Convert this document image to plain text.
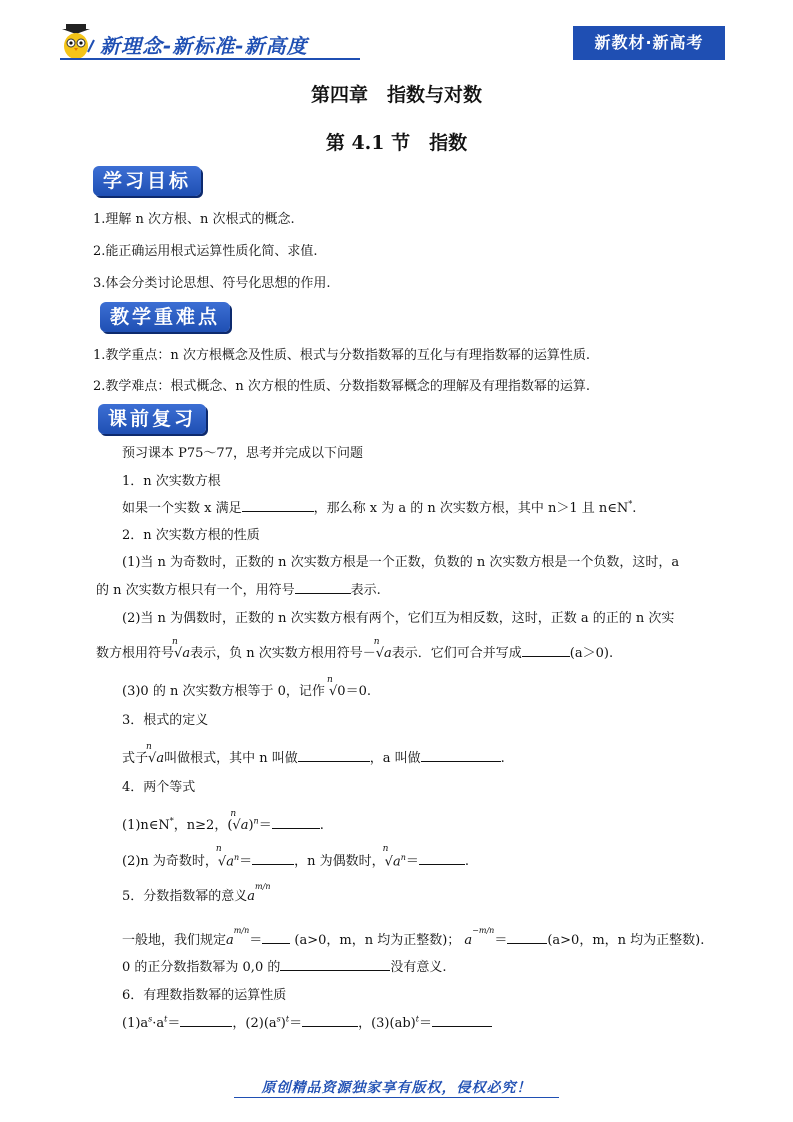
新理念-新标准-新高度	新教材·新高考
第四章　指数与对数
第 4.1 节　指数
学习目标
1.理解 n 次方根、n 次根式的概念.
2.能正确运用根式运算性质化简、求值.
3.体会分类讨论思想、符号化思想的作用.
教学重难点
1.教学重点：n 次方根概念及性质、根式与分数指数幂的互化与有理指数幂的运算性质.
2.教学难点：根式概念、n 次方根的性质、分数指数幂概念的理解及有理指数幂的运算.
课前复习
预习课本 P75～77，思考并完成以下问题
1．n 次实数方根
如果一个实数 x 满足	，那么称 x 为 a 的 n 次实数方根，其中 n＞1 且 n∈N*.
2．n 次实数方根的性质
(1)当 n 为奇数时，正数的 n 次实数方根是一个正数，负数的 n 次实数方根是一个负数，这时，a
的 n 次实数方根只有一个，用符号	表示.
(2)当 n 为偶数时，正数的 n 次实数方根有两个，它们互为相反数，这时，正数 a 的正的 n 次实
数方根用符号
n
√a表示，负 n 次实数方根用符号－
n
√a表示．它们可合并写成	(a＞0).
(3)0 的 n 次实数方根等于 0，记作
n
√0＝0.
3．根式的定义
式子
n
√a叫做根式，其中 n 叫做	，a 叫做	.
4．两个等式
(1)n∈N*，n≥2，(
n
√a)$^n$＝	.
(2)n 为奇数时，
n
$√a^n=$	，n 为偶数时，
n
$√a^n=$	.
5．分数指数幂的意义$a^{m/n}$
一般地，我们规定$a^{m/n}= (a>0$，m，n 均为正整数)； $a^{-m/n}=$	(a>0，m，n 均为正整数).
0 的正分数指数幂为 0,0 的	没有意义.
6．有理数指数幂的运算性质
$(1)a^s\cdot a^t=$	，$(2)(a^s)^t=$	，(3)(ab)$^t$＝
原创精品资源独家享有版权，侵权必究！
